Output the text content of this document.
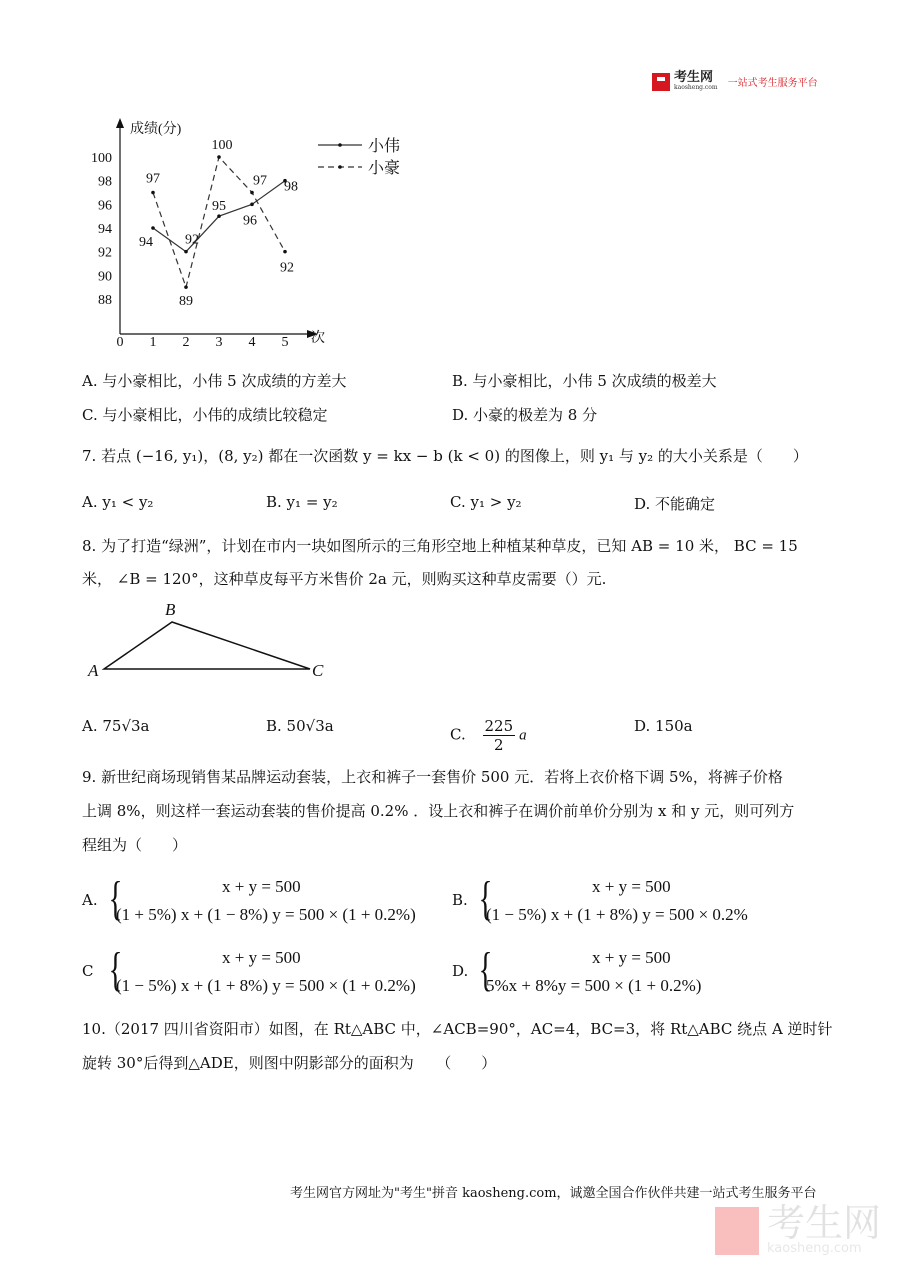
考生网
kaosheng.com 一站式考生服务平台
成绩(分)
次
88
90
92
94
96
98
100
0 1 2 3 4 5
94 92
95
96
98
小伟
97
89
100
97
92
小豪
A. 与小豪相比，小伟 5 次成绩的方差大	B. 与小豪相比，小伟 5 次成绩的极差大
C. 与小豪相比，小伟的成绩比较稳定	D. 小豪的极差为 8 分
7. 若点 (−16, y₁)，(8, y₂) 都在一次函数 y = kx − b (k < 0) 的图像上，则 y₁ 与 y₂ 的大小关系是（　　）
A. y₁ < y₂	B. y₁ = y₂	C. y₁ > y₂	D. 不能确定
8. 为了打造“绿洲”，计划在市内一块如图所示的三角形空地上种植某种草皮，已知 AB = 10 米， BC = 15
米， ∠B = 120°，这种草皮每平方米售价 2a 元，则购买这种草皮需要（）元.
B
A	C
A. 75√3a	B. 50√3a	C. $\frac{225}{2}$ a
D. 150a
9. 新世纪商场现销售某品牌运动套装，上衣和裤子一套售价 500 元．若将上衣价格下调 5%，将裤子价格
上调 8%，则这样一套运动套装的售价提高 0.2% ．设上衣和裤子在调价前单价分别为 x 和 y 元，则可列方
程组为（　　）
A. {	x + y = 500
(1 + 5%) x + (1 − 8%) y = 500 × (1 + 0.2%)
B. {	x + y = 500
(1 − 5%) x + (1 + 8%) y = 500 × 0.2%
C {	x + y = 500
(1 − 5%) x + (1 + 8%) y = 500 × (1 + 0.2%)
D. {	x + y = 500
5%x + 8%y = 500 × (1 + 0.2%)
10.（2017 四川省资阳市）如图，在 Rt△ABC 中，∠ACB=90°，AC=4，BC=3，将 Rt△ABC 绕点 A 逆时针
旋转 30°后得到△ADE，则图中阴影部分的面积为　　（　　）
考生网官方网址为"考生"拼音 kaosheng.com，诚邀全国合作伙伴共建一站式考生服务平台
考生网
kaosheng.com
